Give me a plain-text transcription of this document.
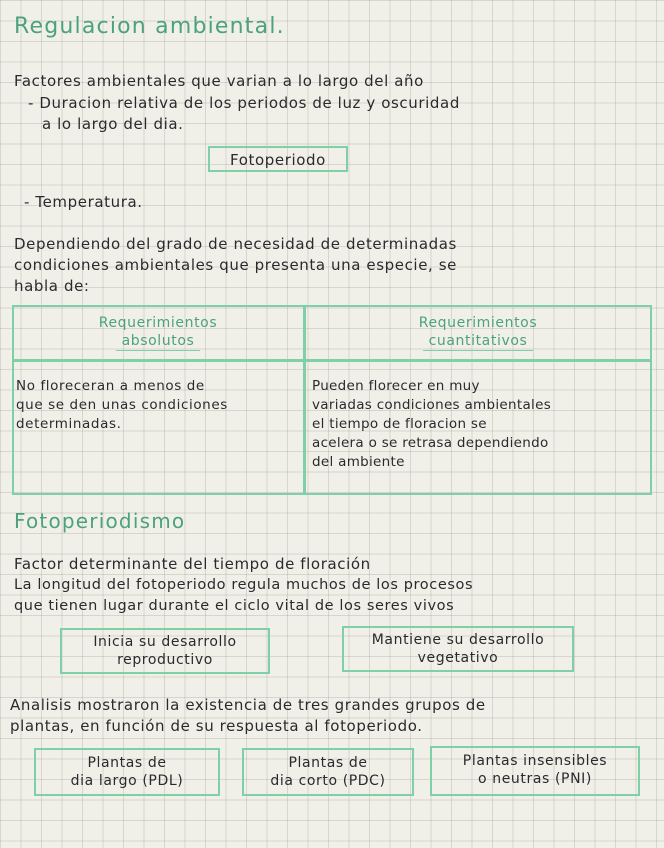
Regulacion ambiental.
Factores ambientales que varian a lo largo del año
- Duracion relativa de los periodos de luz y oscuridad
a lo largo del dia.
Fotoperiodo
- Temperatura.
Dependiendo del grado de necesidad de determinadas
condiciones ambientales que presenta una especie, se
habla de:
Requerimientos
absolutos
Requerimientos
cuantitativos
No floreceran a menos de
que se den unas condiciones
determinadas.
Pueden florecer en muy
variadas condiciones ambientales
el tiempo de floracion se
acelera o se retrasa dependiendo
del ambiente
Fotoperiodismo
Factor determinante del tiempo de floración
La longitud del fotoperiodo regula muchos de los procesos
que tienen lugar durante el ciclo vital de los seres vivos
Inicia su desarrollo
reproductivo
Mantiene su desarrollo
vegetativo
Analisis mostraron la existencia de tres grandes grupos de
plantas, en función de su respuesta al fotoperiodo.
Plantas de
dia largo (PDL)
Plantas de
dia corto (PDC)
Plantas insensibles
o neutras (PNI)
